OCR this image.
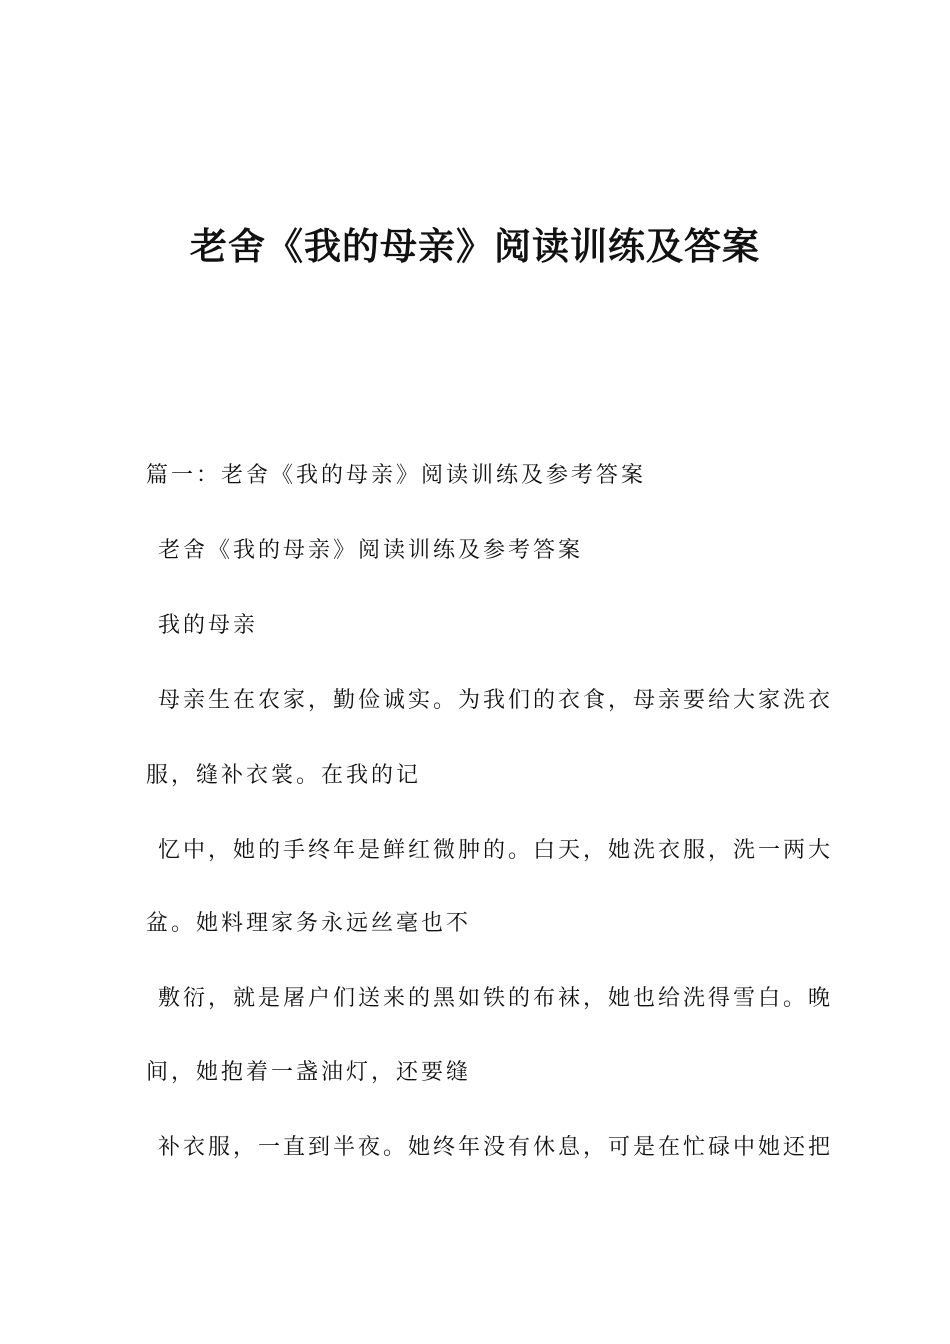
老舍《我的母亲》阅读训练及答案

篇一：老舍《我的母亲》阅读训练及参考答案

老舍《我的母亲》阅读训练及参考答案

我的母亲

母亲生在农家，勤俭诚实。为我们的衣食，母亲要给大家洗衣

服，缝补衣裳。在我的记

忆中，她的手终年是鲜红微肿的。白天，她洗衣服，洗一两大

盆。她料理家务永远丝毫也不

敷衍，就是屠户们送来的黑如铁的布袜，她也给洗得雪白。晚

间，她抱着一盏油灯，还要缝

补衣服，一直到半夜。她终年没有休息，可是在忙碌中她还把
